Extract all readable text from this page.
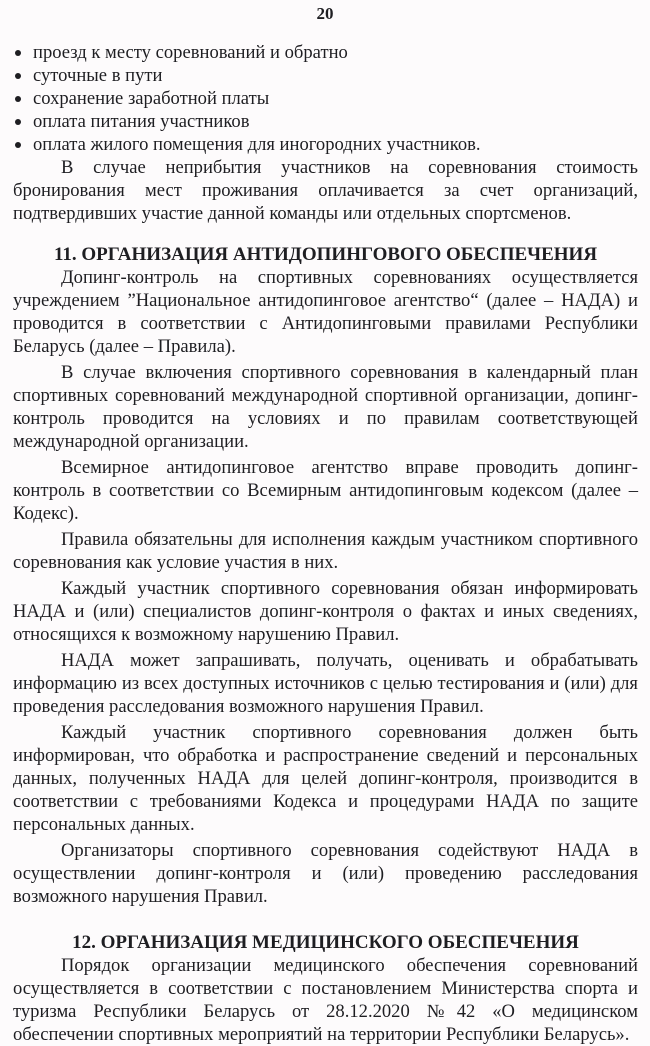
20
проезд к месту соревнований и обратно
суточные в пути
сохранение заработной платы
оплата питания участников
оплата жилого помещения для иногородних участников.

В случае неприбытия участников на соревнования стоимость бронирования мест проживания оплачивается за счет организаций, подтвердивших участие данной команды или отдельных спортсменов.

11. ОРГАНИЗАЦИЯ АНТИДОПИНГОВОГО ОБЕСПЕЧЕНИЯ

Допинг-контроль на спортивных соревнованиях осуществляется учреждением ”Национальное антидопинговое агентство“ (далее – НАДА) и проводится в соответствии с Антидопинговыми правилами Республики Беларусь (далее – Правила).

В случае включения спортивного соревнования в календарный план спортивных соревнований международной спортивной организации, допинг-контроль проводится на условиях и по правилам соответствующей международной организации.

Всемирное антидопинговое агентство вправе проводить допинг-контроль в соответствии со Всемирным антидопинговым кодексом (далее – Кодекс).

Правила обязательны для исполнения каждым участником спортивного соревнования как условие участия в них.

Каждый участник спортивного соревнования обязан информировать НАДА и (или) специалистов допинг-контроля о фактах и иных сведениях, относящихся к возможному нарушению Правил.

НАДА может запрашивать, получать, оценивать и обрабатывать информацию из всех доступных источников с целью тестирования и (или) для проведения расследования возможного нарушения Правил.

Каждый участник спортивного соревнования должен быть информирован, что обработка и распространение сведений и персональных данных, полученных НАДА для целей допинг-контроля, производится в соответствии с требованиями Кодекса и процедурами НАДА по защите персональных данных.

Организаторы спортивного соревнования содействуют НАДА в осуществлении допинг-контроля и (или) проведению расследования возможного нарушения Правил.

12. ОРГАНИЗАЦИЯ МЕДИЦИНСКОГО ОБЕСПЕЧЕНИЯ

Порядок организации медицинского обеспечения соревнований осуществляется в соответствии с постановлением Министерства спорта и туризма Республики Беларусь от 28.12.2020 №42 «О медицинском обеспечении спортивных мероприятий на территории Республики Беларусь».
